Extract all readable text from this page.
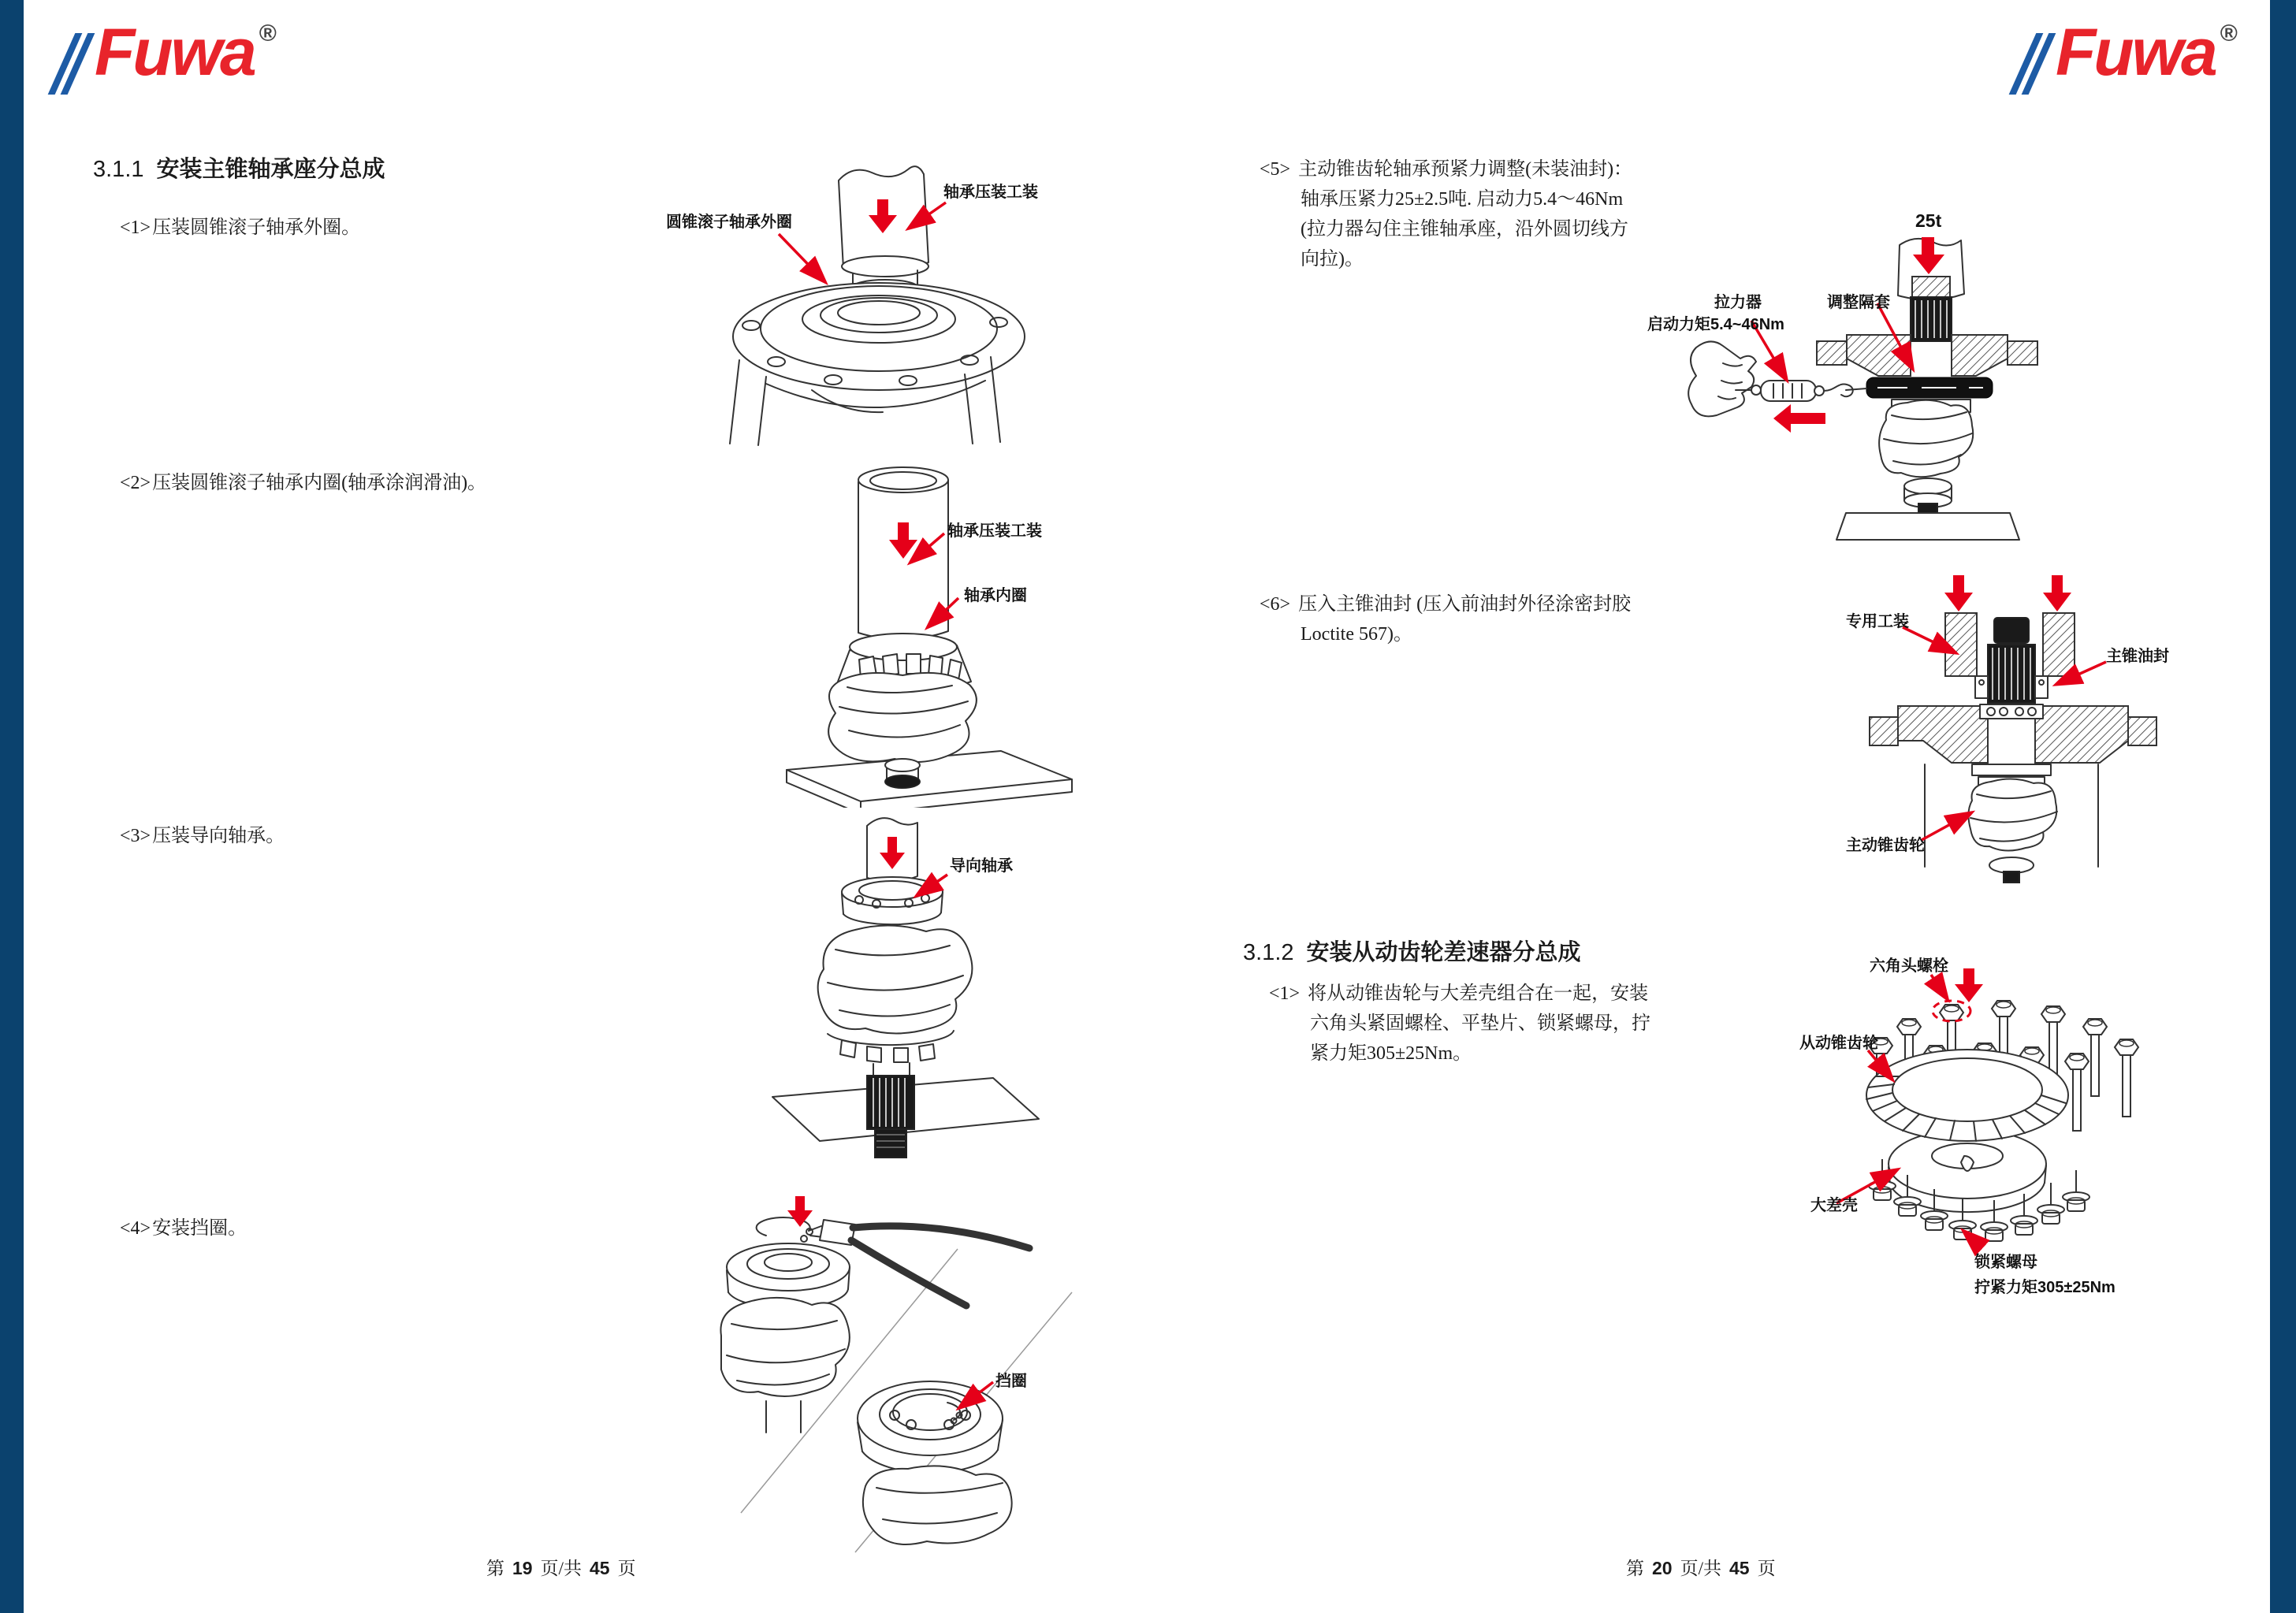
Fuwa ®	Fuwa ®
3.1.1 安装主锥轴承座分总成
<1>压装圆锥滚子轴承外圈。
<2>压装圆锥滚子轴承内圈(轴承涂润滑油)。
<3>压装导向轴承。
<4>安装挡圈。
轴承压装工装
圆锥滚子轴承外圈
轴承压装工装
轴承内圈
导向轴承
挡圈
第 19 页/共 45 页
<5> 主动锥齿轮轴承预紧力调整(未装油封)：
轴承压紧力25±2.5吨. 启动力5.4～46Nm
(拉力器勾住主锥轴承座，沿外圆切线方
向拉)。
25t
拉力器
启动力矩5.4~46Nm
调整隔套
<6> 压入主锥油封 (压入前油封外径涂密封胶
Loctite 567)。
专用工装
主锥油封
主动锥齿轮
3.1.2 安装从动齿轮差速器分总成
<1> 将从动锥齿轮与大差壳组合在一起，安装
六角头紧固螺栓、平垫片、锁紧螺母，拧
紧力矩305±25Nm。
六角头螺栓
从动锥齿轮
大差壳
锁紧螺母
拧紧力矩305±25Nm
第 20 页/共 45 页
